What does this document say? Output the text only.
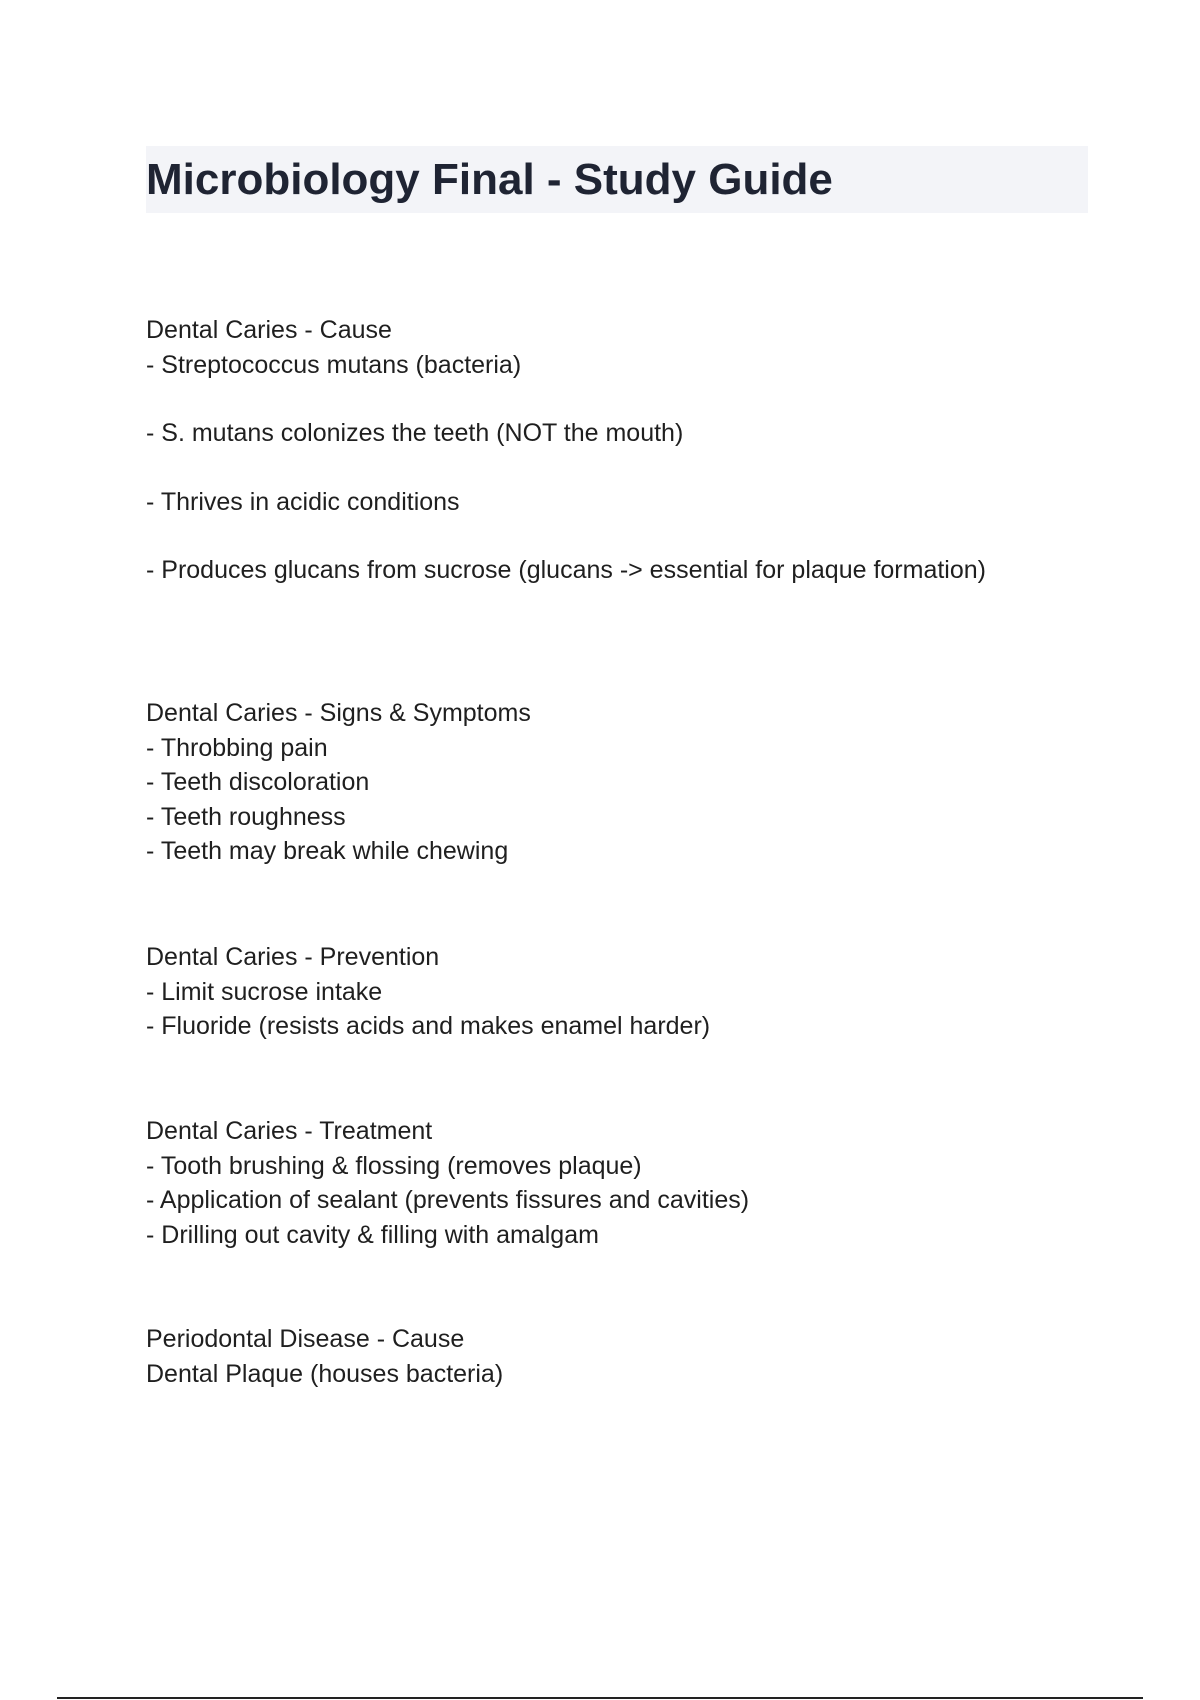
Microbiology Final - Study Guide
Dental Caries - Cause
- Streptococcus mutans (bacteria)
- S. mutans colonizes the teeth (NOT the mouth)
- Thrives in acidic conditions
- Produces glucans from sucrose (glucans -> essential for plaque formation)
Dental Caries - Signs & Symptoms
- Throbbing pain
- Teeth discoloration
- Teeth roughness
- Teeth may break while chewing
Dental Caries - Prevention
- Limit sucrose intake
- Fluoride (resists acids and makes enamel harder)
Dental Caries - Treatment
- Tooth brushing & flossing (removes plaque)
- Application of sealant (prevents fissures and cavities)
- Drilling out cavity & filling with amalgam
Periodontal Disease - Cause
Dental Plaque (houses bacteria)
